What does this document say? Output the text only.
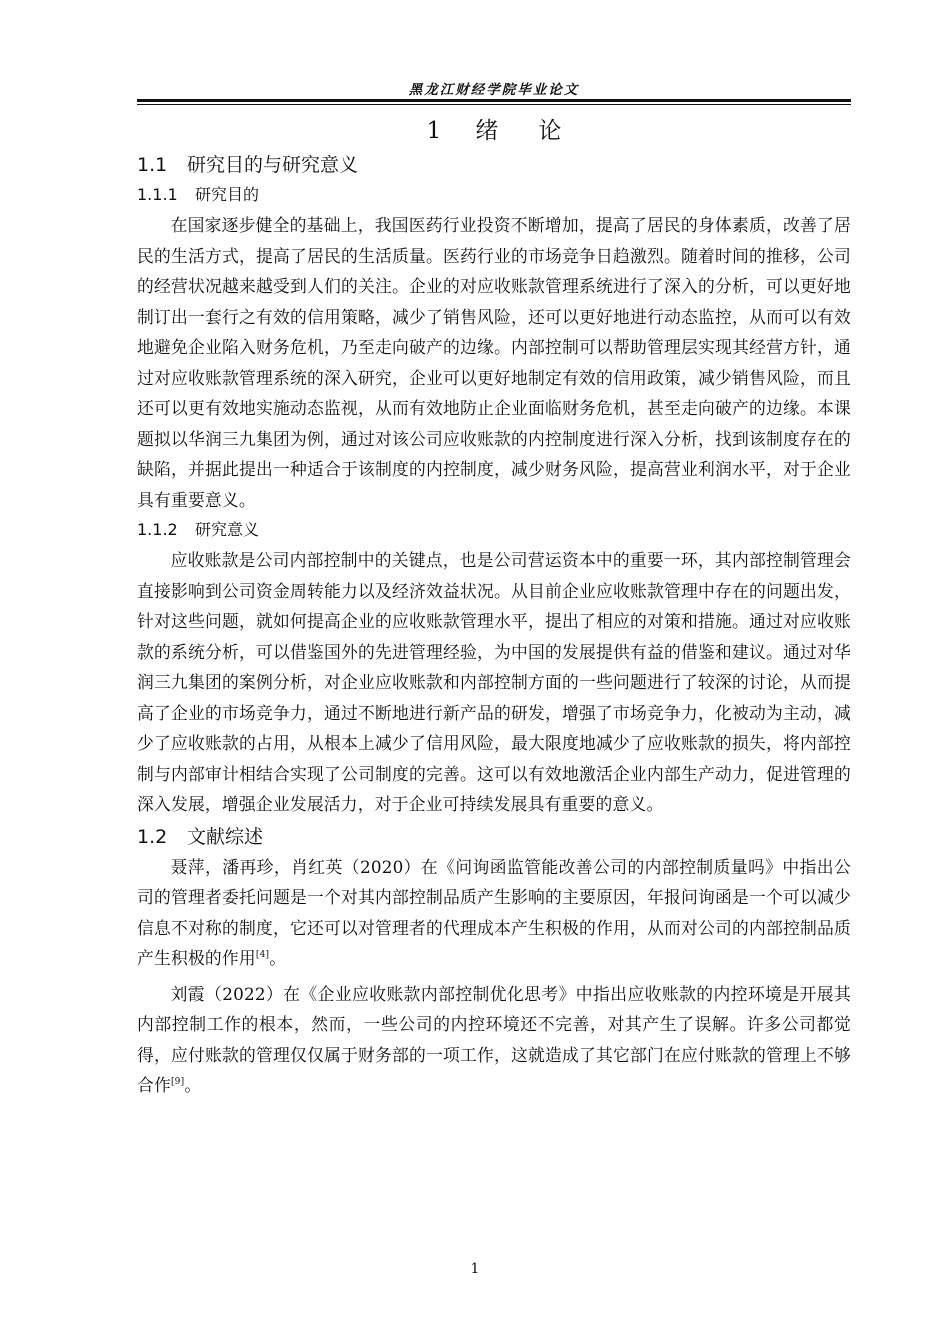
黑龙江财经学院毕业论文
1 绪 论
1.1 研究目的与研究意义
1.1.1 研究目的

在国家逐步健全的基础上，我国医药行业投资不断增加，提高了居民的身体素质，改善了居民的生活方式，提高了居民的生活质量。医药行业的市场竞争日趋激烈。随着时间的推移，公司的经营状况越来越受到人们的关注。企业的对应收账款管理系统进行了深入的分析，可以更好地制订出一套行之有效的信用策略，减少了销售风险，还可以更好地进行动态监控，从而可以有效地避免企业陷入财务危机，乃至走向破产的边缘。内部控制可以帮助管理层实现其经营方针，通过对应收账款管理系统的深入研究，企业可以更好地制定有效的信用政策，减少销售风险，而且还可以更有效地实施动态监视，从而有效地防止企业面临财务危机，甚至走向破产的边缘。本课题拟以华润三九集团为例，通过对该公司应收账款的内控制度进行深入分析，找到该制度存在的缺陷，并据此提出一种适合于该制度的内控制度，减少财务风险，提高营业利润水平，对于企业具有重要意义。

1.1.2 研究意义

应收账款是公司内部控制中的关键点，也是公司营运资本中的重要一环，其内部控制管理会直接影响到公司资金周转能力以及经济效益状况。从目前企业应收账款管理中存在的问题出发，针对这些问题，就如何提高企业的应收账款管理水平，提出了相应的对策和措施。通过对应收账款的系统分析，可以借鉴国外的先进管理经验，为中国的发展提供有益的借鉴和建议。通过对华润三九集团的案例分析，对企业应收账款和内部控制方面的一些问题进行了较深的讨论，从而提高了企业的市场竞争力，通过不断地进行新产品的研发，增强了市场竞争力，化被动为主动，减少了应收账款的占用，从根本上减少了信用风险，最大限度地减少了应收账款的损失，将内部控制与内部审计相结合实现了公司制度的完善。这可以有效地激活企业内部生产动力，促进管理的深入发展，增强企业发展活力，对于企业可持续发展具有重要的意义。

1.2 文献综述

聂萍，潘再珍，肖红英（2020）在《问询函监管能改善公司的内部控制质量吗》中指出公司的管理者委托问题是一个对其内部控制品质产生影响的主要原因，年报问询函是一个可以减少信息不对称的制度，它还可以对管理者的代理成本产生积极的作用，从而对公司的内部控制品质产生积极的作用[4]。

刘霞（2022）在《企业应收账款内部控制优化思考》中指出应收账款的内控环境是开展其内部控制工作的根本，然而，一些公司的内控环境还不完善，对其产生了误解。许多公司都觉得，应付账款的管理仅仅属于财务部的一项工作，这就造成了其它部门在应付账款的管理上不够合作[9]。

1
